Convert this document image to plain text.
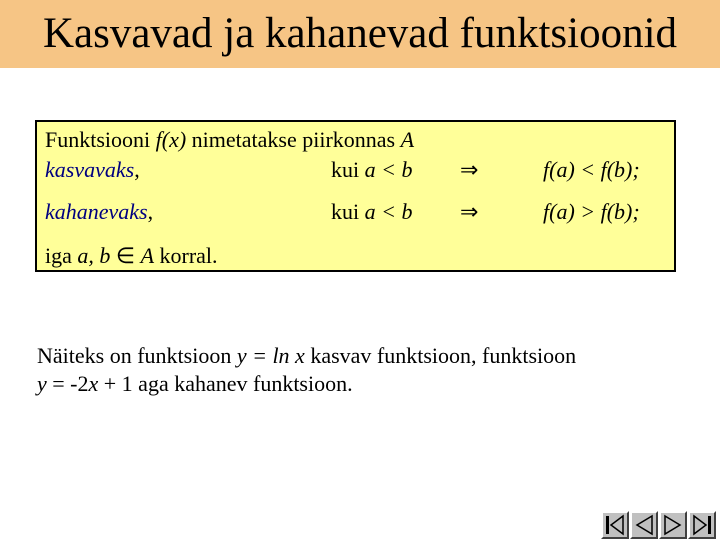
Kasvavad ja kahanevad funktsioonid
Funktsiooni f(x) nimetatakse piirkonnas A
kasvavaks,	kui a < b ⇒	f(a) < f(b);
kahanevaks,	kui a < b ⇒	f(a) > f(b);
iga a, b ∈ A korral.
Näiteks on funktsioon y = ln x kasvav funktsioon, funktsioon
y = -2x + 1 aga kahanev funktsioon.
